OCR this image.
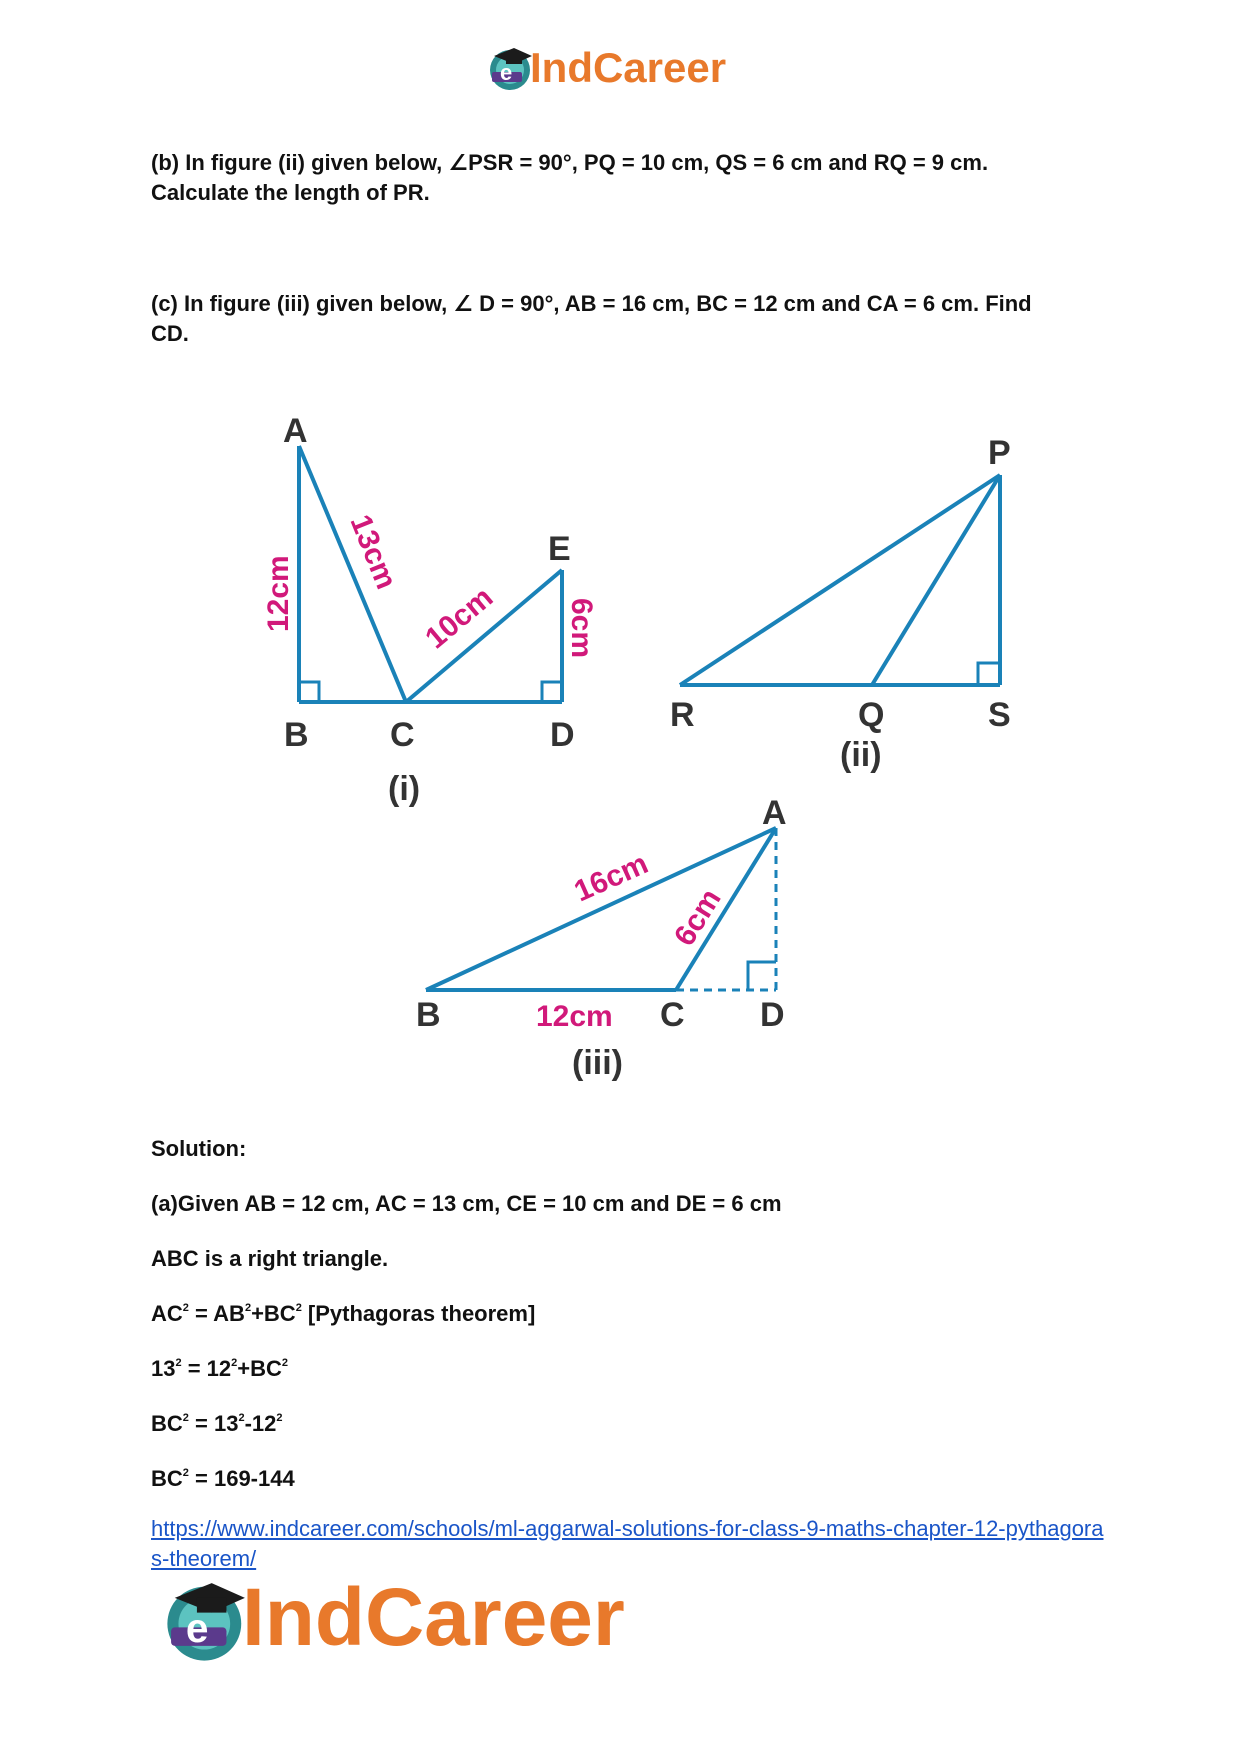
e IndCareer
(b) In figure (ii) given below, ∠PSR = 90°, PQ = 10 cm, QS = 6 cm and RQ = 9 cm.
Calculate the length of PR.
(c) In figure (iii) given below, ∠ D = 90°, AB = 16 cm, BC = 12 cm and CA = 6 cm. Find
CD.
A
B C	D
E
(i)
12cm 13cm
10cm 6cm
P
R	Q	S
(ii)
A
B	C D
(iii)
16cm
6cm
12cm
Solution:
(a)Given AB = 12 cm, AC = 13 cm, CE = 10 cm and DE = 6 cm
ABC is a right triangle.
$AC^2 = AB^2+BC^2$ [Pythagoras theorem]
$13^2 = 12^2+BC^2$
$BC^2 = 13^2-12^2$
$BC^2 = 169-144$
https://www.indcareer.com/schools/ml-aggarwal-solutions-for-class-9-maths-chapter-12-pythagoras-theorem/
e IndCareer
